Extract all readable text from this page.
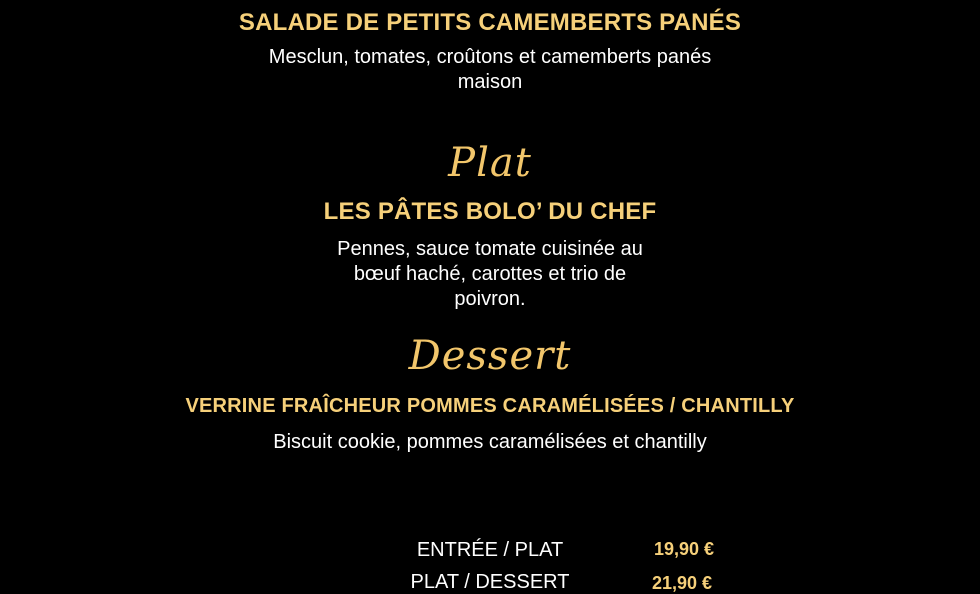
SALADE DE PETITS CAMEMBERTS PANÉS
Mesclun, tomates, croûtons et camemberts panés
maison
Plat
LES PÂTES BOLO’ DU CHEF
Pennes, sauce tomate cuisinée au
bœuf haché, carottes et trio de
poivron.
Dessert
VERRINE FRAÎCHEUR POMMES CARAMÉLISÉES / CHANTILLY
Biscuit cookie, pommes caramélisées et chantilly
ENTRÉE / PLAT	19,90 €
PLAT / DESSERT	21,90 €
